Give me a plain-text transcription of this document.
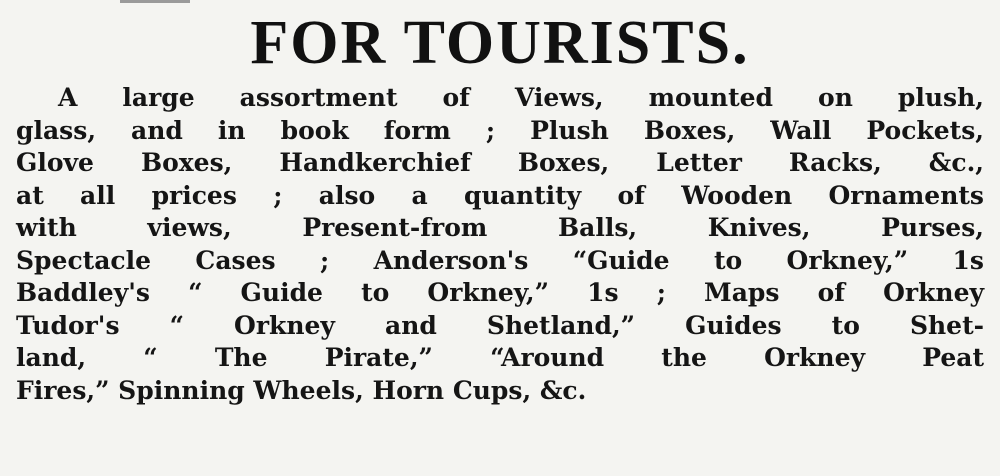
FOR TOURISTS.

A large assortment of Views, mounted on plush,
glass, and in book form ; Plush Boxes, Wall Pockets,
Glove Boxes, Handkerchief Boxes, Letter Racks, &c.,
at all prices ; also a quantity of Wooden Ornaments
with views, Present-from Balls, Knives, Purses,
Spectacle Cases ; Anderson's “Guide to Orkney,” 1s
Baddley's “ Guide to Orkney,” 1s ; Maps of Orkney
Tudor's “ Orkney and Shetland,” Guides to Shet-
land, “ The Pirate,” “Around the Orkney Peat
Fires,” Spinning Wheels, Horn Cups, &c.
